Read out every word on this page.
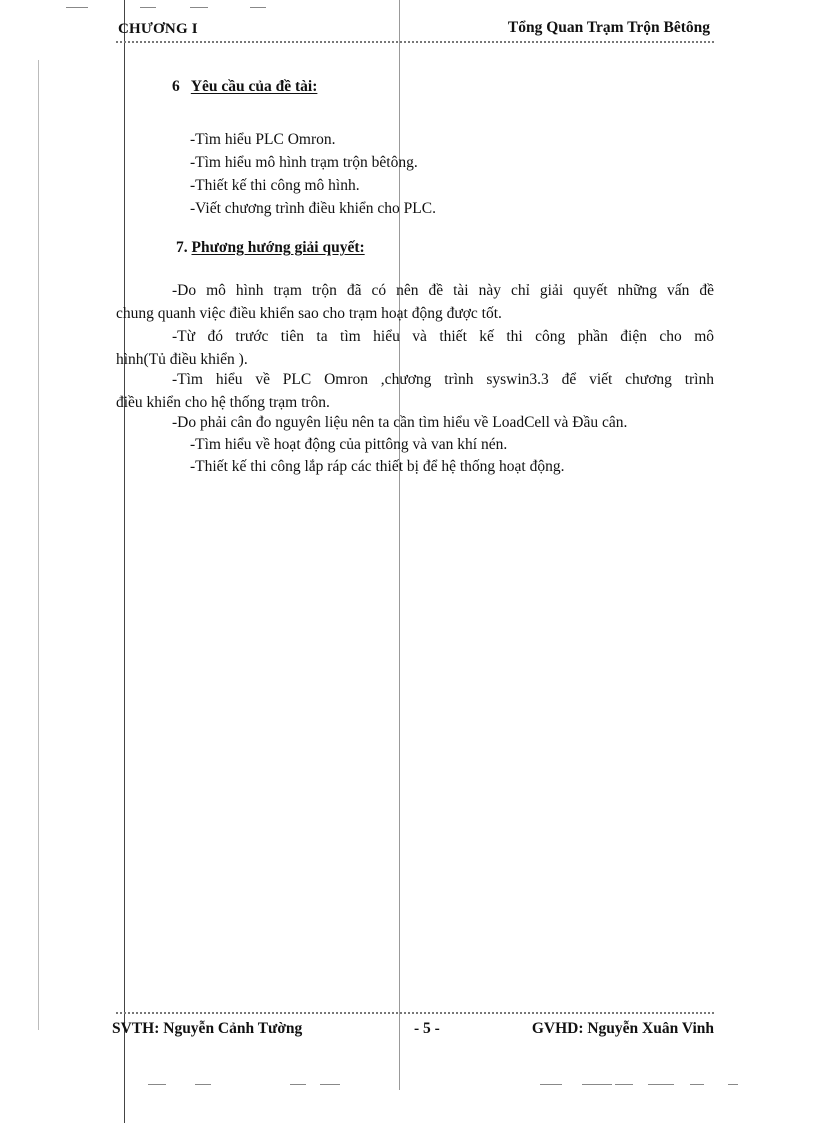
CHƯƠNG I	Tổng Quan Trạm Trộn Bêtông
6 Yêu cầu của đề tài:
-Tìm hiểu PLC Omron.
-Tìm hiểu mô hình trạm trộn bêtông.
-Thiết kế thi công mô hình.
-Viết chương trình điều khiển cho PLC.
7. Phương hướng giải quyết:
-Do mô hình trạm trộn đã có nên đề tài này chỉ giải quyết những vấn đề
chung quanh việc điều khiển sao cho trạm hoạt động được tốt.
-Từ đó trước tiên ta tìm hiểu và thiết kế thi công phần điện cho mô
hình(Tủ điều khiển ).
-Tìm hiểu về PLC Omron ,chương trình syswin3.3 để viết chương trình
điều khiển cho hệ thống trạm trôn.
-Do phải cân đo nguyên liệu nên ta cần tìm hiểu về LoadCell và Đầu cân.
-Tìm hiểu về hoạt động của pittông và van khí nén.
-Thiết kế thi công lắp ráp các thiết bị để hệ thống hoạt động.
SVTH: Nguyễn Cảnh Tường	- 5 -	GVHD: Nguyễn Xuân Vinh
